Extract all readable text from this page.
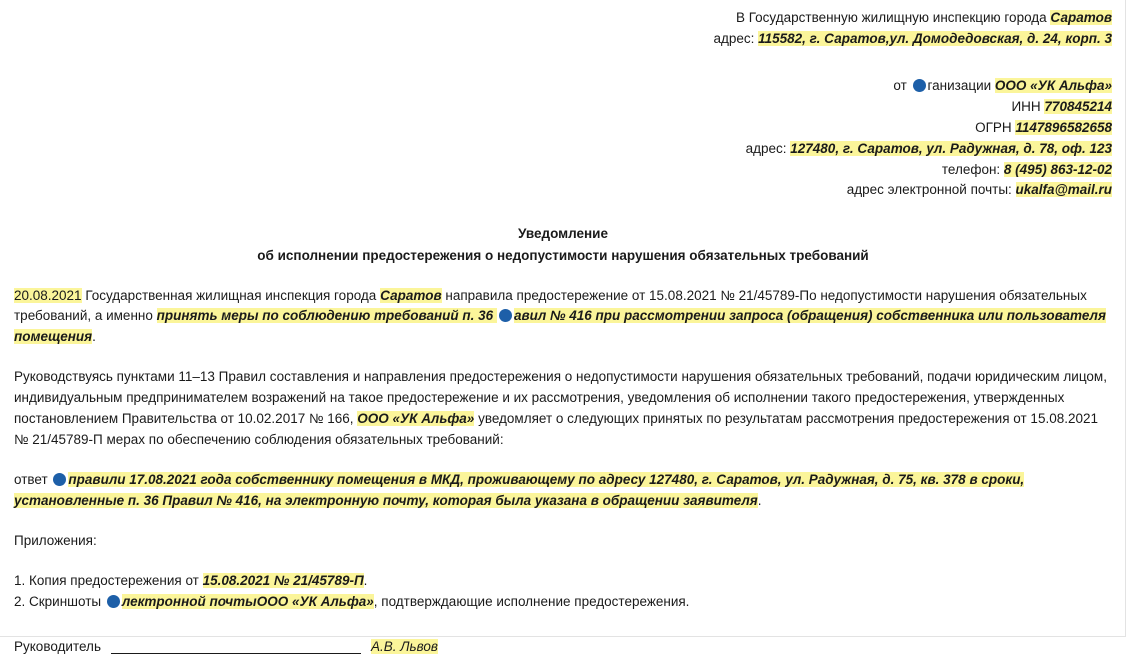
В Государственную жилищную инспекцию города Саратов
адрес: 115582, г. Саратов,ул. Домодедовская, д. 24, корп. 3
от ганизации ООО «УК Альфа»
ИНН 770845214
ОГРН 1147896582658
адрес: 127480, г. Саратов, ул. Радужная, д. 78, оф. 123
телефон: 8 (495) 863-12-02
адрес электронной почты: ukalfa@mail.ru
Уведомление
об исполнении предостережения о недопустимости нарушения обязательных требований

20.08.2021 Государственная жилищная инспекция города Саратов направила предостережение от 15.08.2021 № 21/45789-По недопустимости нарушения обязательных требований, а именно принять меры по соблюдению требований п. 36 авил № 416 при рассмотрении запроса (обращения) собственника или пользователя помещения.

Руководствуясь пунктами 11–13 Правил составления и направления предостережения о недопустимости нарушения обязательных требований, подачи юридическим лицом, индивидуальным предпринимателем возражений на такое предостережение и их рассмотрения, уведомления об исполнении такого предостережения, утвержденных постановлением Правительства от 10.02.2017 № 166, ООО «УК Альфа» уведомляет о следующих принятых по результатам рассмотрения предостережения от 15.08.2021 № 21/45789-П мерах по обеспечению соблюдения обязательных требований:

ответ правили 17.08.2021 года собственнику помещения в МКД, проживающему по адресу 127480, г. Саратов, ул. Радужная, д. 75, кв. 378 в сроки, установленные п. 36 Правил № 416, на электронную почту, которая была указана в обращении заявителя.

Приложения:

1. Копия предостережения от 15.08.2021 № 21/45789-П.

2. Скриншоты лектронной почтыООО «УК Альфа», подтверждающие исполнение предостережения.

Руководитель	А.В. Львов
